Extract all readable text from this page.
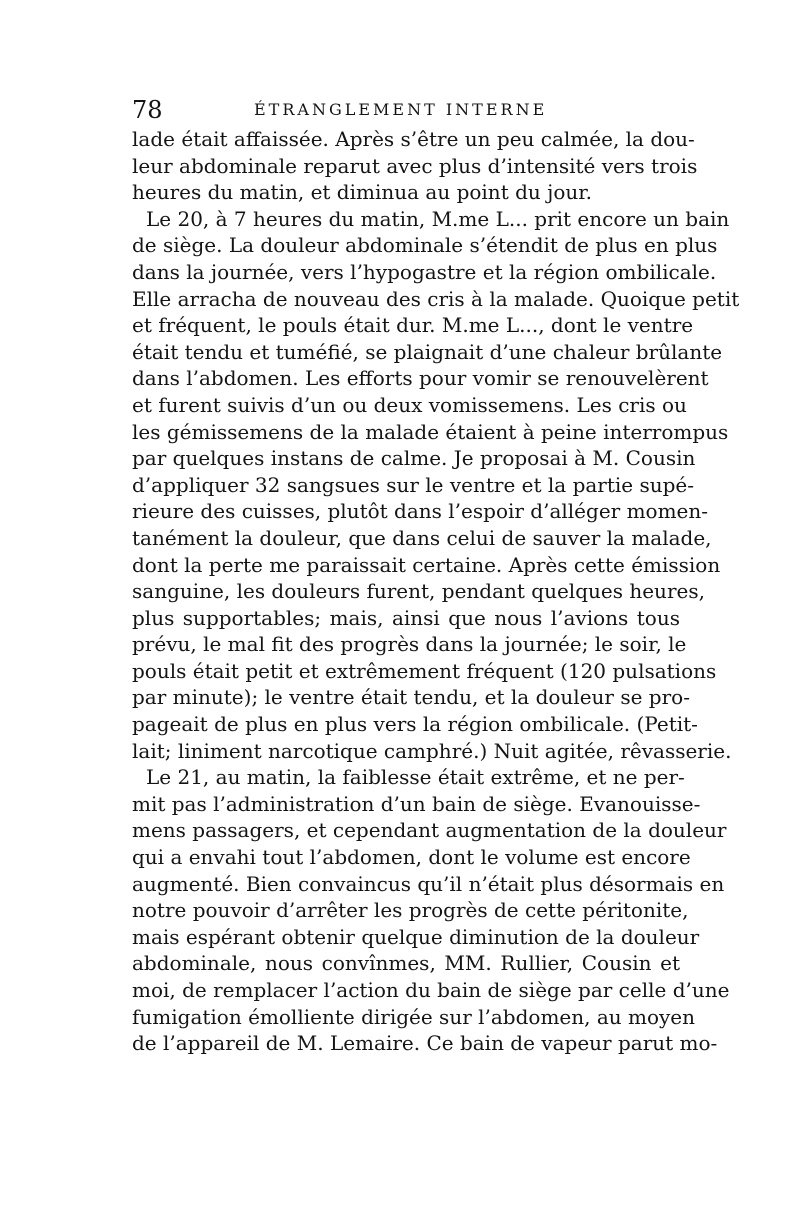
78	ÉTRANGLEMENT INTERNE
lade était affaissée. Après s’être un peu calmée, la dou-
leur abdominale reparut avec plus d’intensité vers trois
heures du matin, et diminua au point du jour.
Le 20, à 7 heures du matin, M.me L... prit encore un bain
de siège. La douleur abdominale s’étendit de plus en plus
dans la journée, vers l’hypogastre et la région ombilicale.
Elle arracha de nouveau des cris à la malade. Quoique petit
et fréquent, le pouls était dur. M.me L..., dont le ventre
était tendu et tuméfié, se plaignait d’une chaleur brûlante
dans l’abdomen. Les efforts pour vomir se renouvelèrent
et furent suivis d’un ou deux vomissemens. Les cris ou
les gémissemens de la malade étaient à peine interrompus
par quelques instans de calme. Je proposai à M. Cousin
d’appliquer 32 sangsues sur le ventre et la partie supé-
rieure des cuisses, plutôt dans l’espoir d’alléger momen-
tanément la douleur, que dans celui de sauver la malade,
dont la perte me paraissait certaine. Après cette émission
sanguine, les douleurs furent, pendant quelques heures,
plus supportables; mais, ainsi que nous l’avions tous
prévu, le mal fit des progrès dans la journée; le soir, le
pouls était petit et extrêmement fréquent (120 pulsations
par minute); le ventre était tendu, et la douleur se pro-
pageait de plus en plus vers la région ombilicale. (Petit-
lait; liniment narcotique camphré.) Nuit agitée, rêvasserie.
Le 21, au matin, la faiblesse était extrême, et ne per-
mit pas l’administration d’un bain de siège. Evanouisse-
mens passagers, et cependant augmentation de la douleur
qui a envahi tout l’abdomen, dont le volume est encore
augmenté. Bien convaincus qu’il n’était plus désormais en
notre pouvoir d’arrêter les progrès de cette péritonite,
mais espérant obtenir quelque diminution de la douleur
abdominale, nous convînmes, MM. Rullier, Cousin et
moi, de remplacer l’action du bain de siège par celle d’une
fumigation émolliente dirigée sur l’abdomen, au moyen
de l’appareil de M. Lemaire. Ce bain de vapeur parut mo-
